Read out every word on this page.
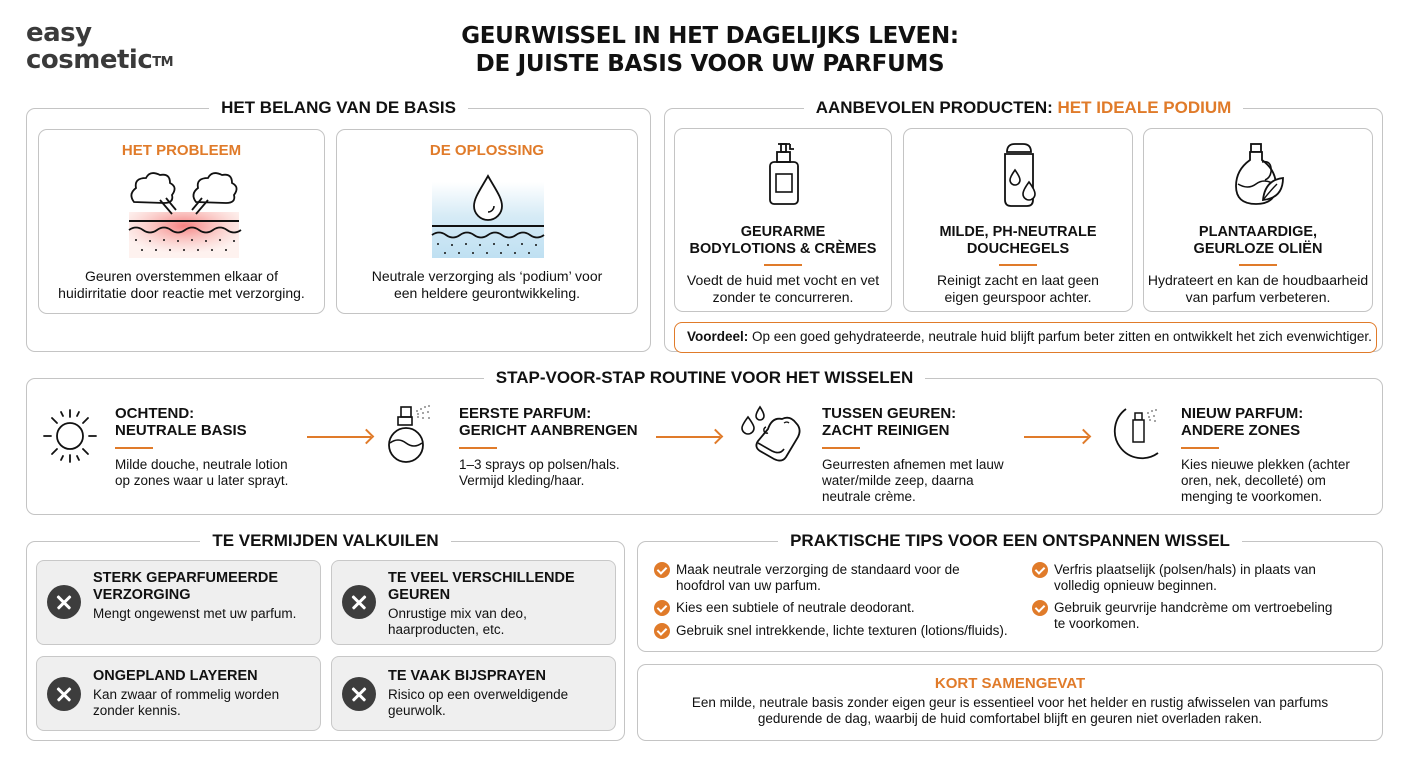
easy
cosmetic™
GEURWISSEL IN HET DAGELIJKS LEVEN:
DE JUISTE BASIS VOOR UW PARFUMS
HET BELANG VAN DE BASIS
HET PROBLEEM
Geuren overstemmen elkaar of
huidirritatie door reactie met verzorging.
DE OPLOSSING
Neutrale verzorging als ‘podium’ voor
een heldere geurontwikkeling.
AANBEVOLEN PRODUCTEN: HET IDEALE PODIUM
GEURARME
BODYLOTIONS & CRÈMES
Voedt de huid met vocht en vet
zonder te concurreren.
MILDE, PH-NEUTRALE
DOUCHEGELS
Reinigt zacht en laat geen
eigen geurspoor achter.
PLANTAARDIGE,
GEURLOZE OLIËN
Hydrateert en kan de houdbaarheid
van parfum verbeteren.
Voordeel: Op een goed gehydrateerde, neutrale huid blijft parfum beter zitten en ontwikkelt het zich evenwichtiger.
STAP-VOOR-STAP ROUTINE VOOR HET WISSELEN
OCHTEND:
NEUTRALE BASIS
Milde douche, neutrale lotion
op zones waar u later sprayt.
EERSTE PARFUM:
GERICHT AANBRENGEN
1–3 sprays op polsen/hals.
Vermijd kleding/haar.
TUSSEN GEUREN:
ZACHT REINIGEN
Geurresten afnemen met lauw
water/milde zeep, daarna
neutrale crème.
NIEUW PARFUM:
ANDERE ZONES
Kies nieuwe plekken (achter
oren, nek, decolleté) om
menging te voorkomen.
TE VERMIJDEN VALKUILEN
STERK GEPARFUMEERDE
VERZORGING
Mengt ongewenst met uw parfum.
TE VEEL VERSCHILLENDE
GEUREN
Onrustige mix van deo,
haarproducten, etc.
ONGEPLAND LAYEREN
Kan zwaar of rommelig worden
zonder kennis.
TE VAAK BIJSPRAYEN
Risico op een overweldigende
geurwolk.
PRAKTISCHE TIPS VOOR EEN ONTSPANNEN WISSEL
Maak neutrale verzorging de standaard voor de
hoofdrol van uw parfum.
Kies een subtiele of neutrale deodorant.
Gebruik snel intrekkende, lichte texturen (lotions/fluids).
Verfris plaatselijk (polsen/hals) in plaats van
volledig opnieuw beginnen.
Gebruik geurvrije handcrème om vertroebeling
te voorkomen.
KORT SAMENGEVAT
Een milde, neutrale basis zonder eigen geur is essentieel voor het helder en rustig afwisselen van parfums
gedurende de dag, waarbij de huid comfortabel blijft en geuren niet overladen raken.
